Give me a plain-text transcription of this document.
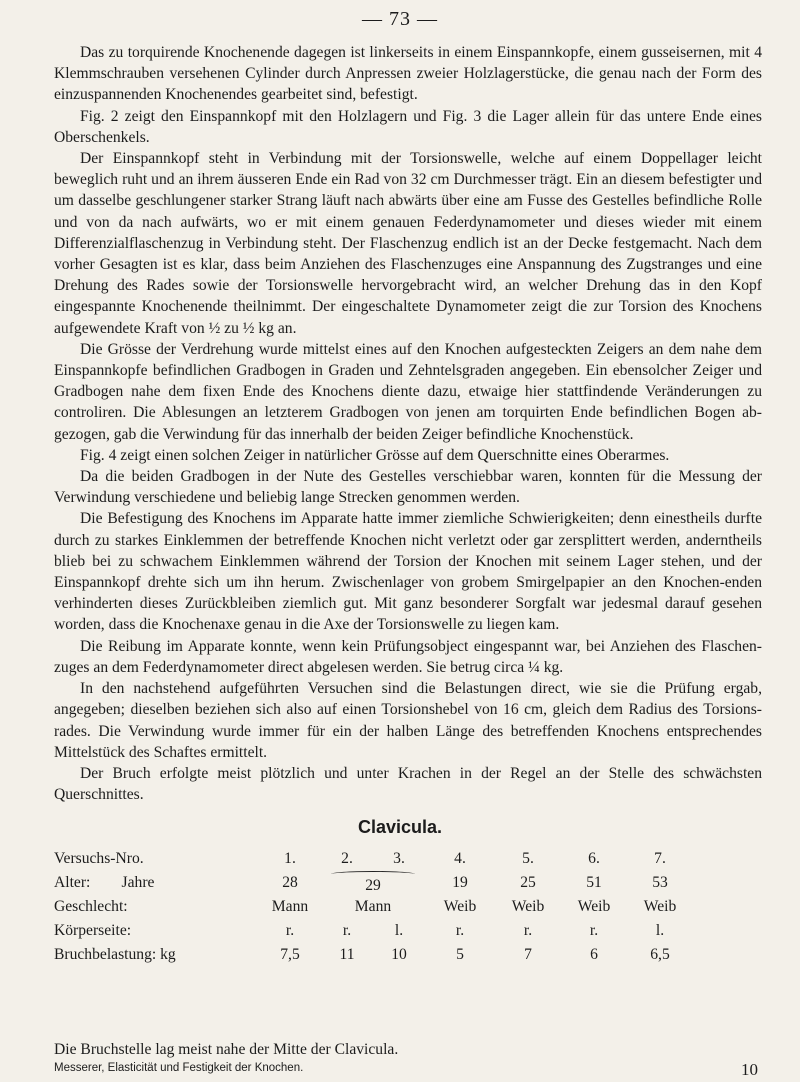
— 73 —

Das zu torquirende Knochenende dagegen ist linkerseits in einem Einspannkopfe, einem gusseisernen, mit 4 Klemmschrauben versehenen Cylinder durch Anpressen zweier Holzlagerstücke, die genau nach der Form des einzuspannenden Knochenendes gearbeitet sind, befestigt.

Fig. 2 zeigt den Einspannkopf mit den Holzlagern und Fig. 3 die Lager allein für das untere Ende eines Oberschenkels.

Der Einspannkopf steht in Verbindung mit der Torsionswelle, welche auf einem Doppellager leicht beweglich ruht und an ihrem äusseren Ende ein Rad von 32 cm Durchmesser trägt. Ein an diesem befestigter und um dasselbe geschlungener starker Strang läuft nach abwärts über eine am Fusse des Gestelles befindliche Rolle und von da nach aufwärts, wo er mit einem genauen Federdynamometer und dieses wieder mit einem Differenzialflaschenzug in Verbindung steht. Der Flaschenzug endlich ist an der Decke festgemacht. Nach dem vorher Gesagten ist es klar, dass beim Anziehen des Flaschenzuges eine Anspannung des Zugstranges und eine Drehung des Rades sowie der Torsionswelle hervorgebracht wird, an welcher Drehung das in den Kopf eingespannte Knochenende theilnimmt. Der eingeschaltete Dynamometer zeigt die zur Torsion des Knochens aufgewendete Kraft von ½ zu ½ kg an.

Die Grösse der Verdrehung wurde mittelst eines auf den Knochen aufgesteckten Zeigers an dem nahe dem Einspannkopfe befindlichen Gradbogen in Graden und Zehntelsgraden angegeben. Ein ebensolcher Zeiger und Gradbogen nahe dem fixen Ende des Knochens diente dazu, etwaige hier stattfindende Veränderungen zu controliren. Die Ablesungen an letzterem Gradbogen von jenen am torquirten Ende befindlichen Bogen ab-gezogen, gab die Verwindung für das innerhalb der beiden Zeiger befindliche Knochenstück.

Fig. 4 zeigt einen solchen Zeiger in natürlicher Grösse auf dem Querschnitte eines Oberarmes.

Da die beiden Gradbogen in der Nute des Gestelles verschiebbar waren, konnten für die Messung der Verwindung verschiedene und beliebig lange Strecken genommen werden.

Die Befestigung des Knochens im Apparate hatte immer ziemliche Schwierigkeiten; denn einestheils durfte durch zu starkes Einklemmen der betreffende Knochen nicht verletzt oder gar zersplittert werden, anderntheils blieb bei zu schwachem Einklemmen während der Torsion der Knochen mit seinem Lager stehen, und der Einspannkopf drehte sich um ihn herum. Zwischenlager von grobem Smirgelpapier an den Knochen-enden verhinderten dieses Zurückbleiben ziemlich gut. Mit ganz besonderer Sorgfalt war jedesmal darauf gesehen worden, dass die Knochenaxe genau in die Axe der Torsionswelle zu liegen kam.

Die Reibung im Apparate konnte, wenn kein Prüfungsobject eingespannt war, bei Anziehen des Flaschen-zuges an dem Federdynamometer direct abgelesen werden. Sie betrug circa ¼ kg.

In den nachstehend aufgeführten Versuchen sind die Belastungen direct, wie sie die Prüfung ergab, angegeben; dieselben beziehen sich also auf einen Torsionshebel von 16 cm, gleich dem Radius des Torsions-rades. Die Verwindung wurde immer für ein der halben Länge des betreffenden Knochens entsprechendes Mittelstück des Schaftes ermittelt.

Der Bruch erfolgte meist plötzlich und unter Krachen in der Regel an der Stelle des schwächsten Querschnittes.

Clavicula.
Versuchs-Nro.	1.	2.	3.	4.	5.	6.	7.
Alter:        Jahre	28	29		19	25	51	53
Geschlecht:	Mann	Mann		Weib	Weib	Weib	Weib
Körperseite:	r.	r.	l.	r.	r.	r.	l.
Bruchbelastung: kg	7,5	11	10	5	7	6	6,5
Die Bruchstelle lag meist nahe der Mitte der Clavicula.
Messerer, Elasticität und Festigkeit der Knochen.	10
